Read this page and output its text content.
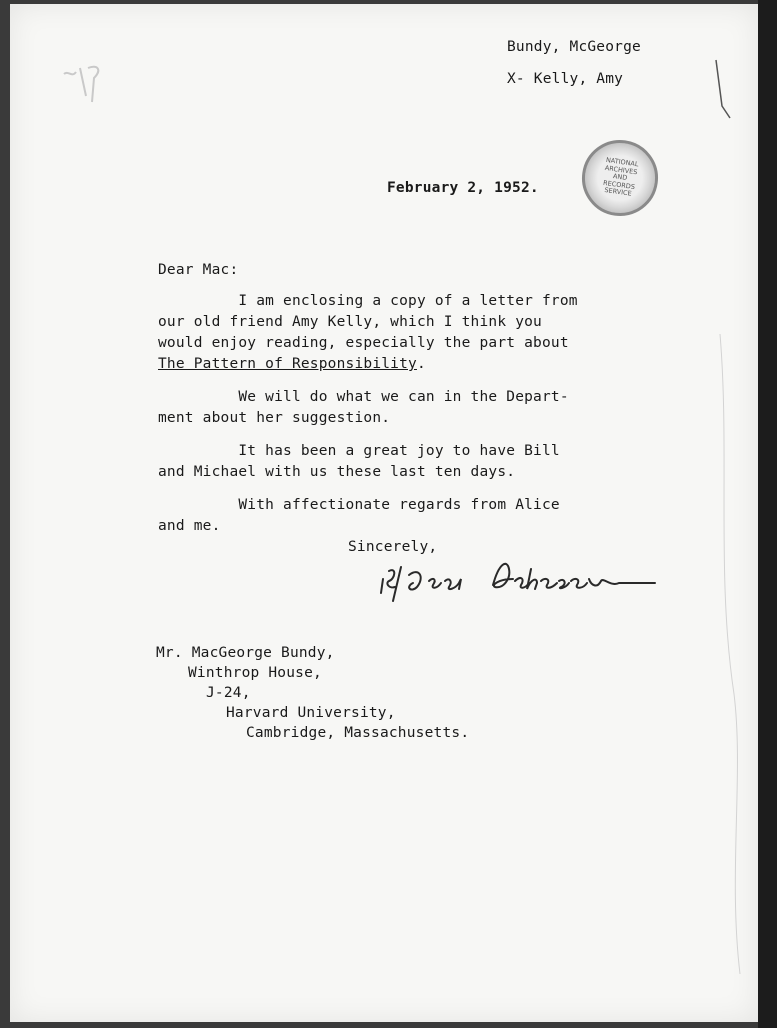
Bundy, McGeorge
X- Kelly, Amy
NATIONAL ARCHIVES AND RECORDS SERVICE
February 2, 1952.
Dear Mac:
I am enclosing a copy of a letter from
our old friend Amy Kelly, which I think you
would enjoy reading, especially the part about
The Pattern of Responsibility.
We will do what we can in the Depart-
ment about her suggestion.
It has been a great joy to have Bill
and Michael with us these last ten days.
With affectionate regards from Alice
and me.
Sincerely,
Mr. MacGeorge Bundy,
Winthrop House,
J-24,
Harvard University,
Cambridge, Massachusetts.
